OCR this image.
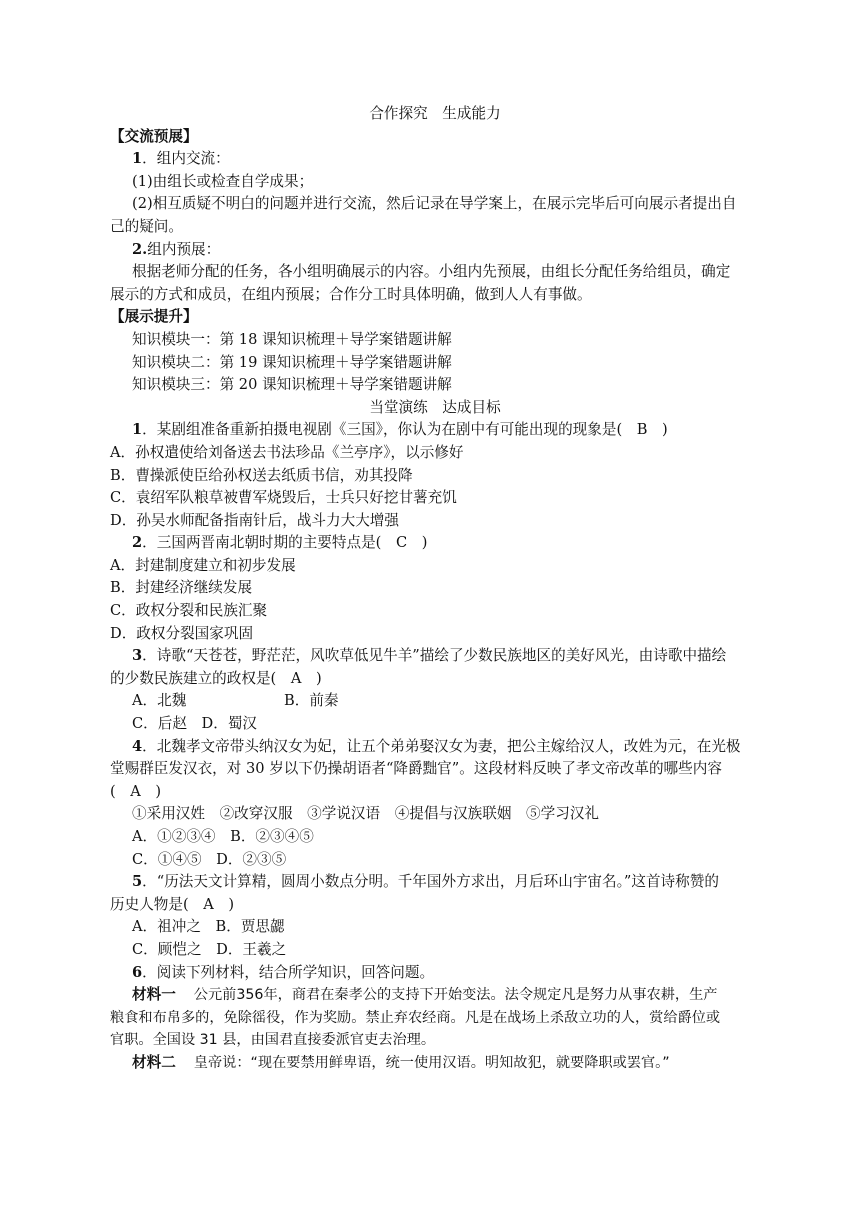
合作探究　生成能力
【交流预展】
1．组内交流：
(1)由组长或检查自学成果；
(2)相互质疑不明白的问题并进行交流，然后记录在导学案上，在展示完毕后可向展示者提出自
己的疑问。
2.组内预展：
根据老师分配的任务，各小组明确展示的内容。小组内先预展，由组长分配任务给组员，确定
展示的方式和成员，在组内预展；合作分工时具体明确，做到人人有事做。
【展示提升】
知识模块一：第 18 课知识梳理＋导学案错题讲解
知识模块二：第 19 课知识梳理＋导学案错题讲解
知识模块三：第 20 课知识梳理＋导学案错题讲解
当堂演练　达成目标
1．某剧组准备重新拍摄电视剧《三国》，你认为在剧中有可能出现的现象是(　B　)
A．孙权遣使给刘备送去书法珍品《兰亭序》，以示修好
B．曹操派使臣给孙权送去纸质书信，劝其投降
C．袁绍军队粮草被曹军烧毁后，士兵只好挖甘薯充饥
D．孙吴水师配备指南针后，战斗力大大增强
2．三国两晋南北朝时期的主要特点是(　C　)
A．封建制度建立和初步发展
B．封建经济继续发展
C．政权分裂和民族汇聚
D．政权分裂国家巩固
3．诗歌“天苍苍，野茫茫，风吹草低见牛羊”描绘了少数民族地区的美好风光，由诗歌中描绘
的少数民族建立的政权是(　A　)
A．北魏	B．前秦
C．后赵　D．蜀汉
4．北魏孝文帝带头纳汉女为妃，让五个弟弟娶汉女为妻，把公主嫁给汉人，改姓为元，在光极
堂赐群臣发汉衣，对 30 岁以下仍操胡语者“降爵黜官”。这段材料反映了孝文帝改革的哪些内容
(　A　)
①采用汉姓　②改穿汉服　③学说汉语　④提倡与汉族联姻　⑤学习汉礼
A．①②③④　B．②③④⑤
C．①④⑤　D．②③⑤
5．“历法天文计算精，圆周小数点分明。千年国外方求出，月后环山宇宙名。”这首诗称赞的
历史人物是(　A　)
A．祖冲之　B．贾思勰
C．顾恺之　D．王羲之
6．阅读下列材料，结合所学知识，回答问题。
材料一 公元前356年，商君在秦孝公的支持下开始变法。法令规定凡是努力从事农耕，生产
粮食和布帛多的，免除徭役，作为奖励。禁止弃农经商。凡是在战场上杀敌立功的人，赏给爵位或
官职。全国设 31 县，由国君直接委派官吏去治理。
材料二 皇帝说：“现在要禁用鲜卑语，统一使用汉语。明知故犯，就要降职或罢官。”
